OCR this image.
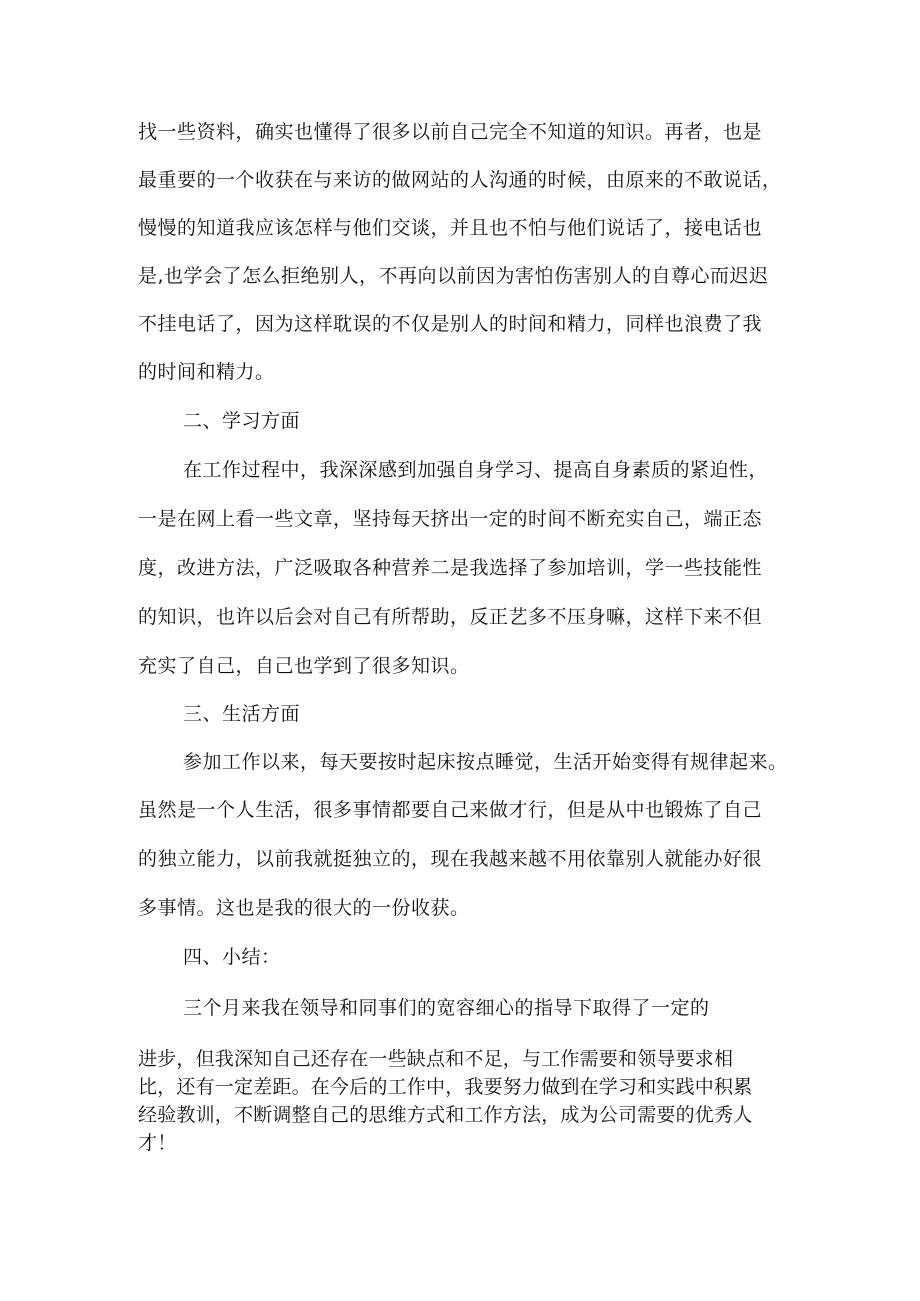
找一些资料，确实也懂得了很多以前自己完全不知道的知识。再者，也是
最重要的一个收获在与来访的做网站的人沟通的时候，由原来的不敢说话，
慢慢的知道我应该怎样与他们交谈，并且也不怕与他们说话了，接电话也
是,也学会了怎么拒绝别人，不再向以前因为害怕伤害别人的自尊心而迟迟
不挂电话了，因为这样耽误的不仅是别人的时间和精力，同样也浪费了我
的时间和精力。
二、学习方面
在工作过程中，我深深感到加强自身学习、提高自身素质的紧迫性，
一是在网上看一些文章，坚持每天挤出一定的时间不断充实自己，端正态
度，改进方法，广泛吸取各种营养二是我选择了参加培训，学一些技能性
的知识，也许以后会对自己有所帮助，反正艺多不压身嘛，这样下来不但
充实了自己，自己也学到了很多知识。
三、生活方面
参加工作以来，每天要按时起床按点睡觉，生活开始变得有规律起来。
虽然是一个人生活，很多事情都要自己来做才行，但是从中也锻炼了自己
的独立能力，以前我就挺独立的，现在我越来越不用依靠别人就能办好很
多事情。这也是我的很大的一份收获。
四、小结：
三个月来我在领导和同事们的宽容细心的指导下取得了一定的
进步，但我深知自己还存在一些缺点和不足，与工作需要和领导要求相
比，还有一定差距。在今后的工作中，我要努力做到在学习和实践中积累
经验教训，不断调整自己的思维方式和工作方法，成为公司需要的优秀人
才！
